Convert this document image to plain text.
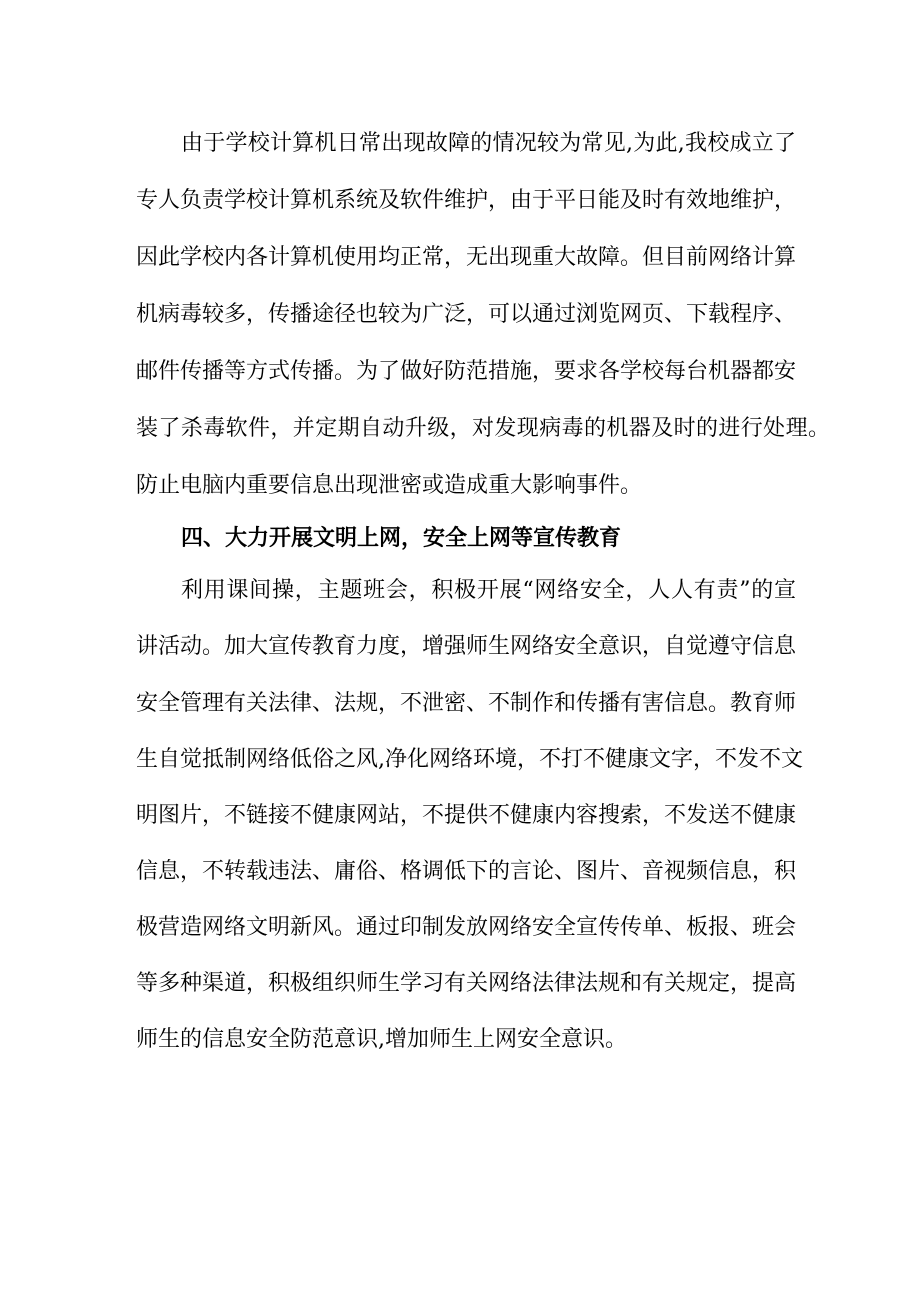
由于学校计算机日常出现故障的情况较为常见,为此,我校成立了
专人负责学校计算机系统及软件维护，由于平日能及时有效地维护，
因此学校内各计算机使用均正常，无出现重大故障。但目前网络计算
机病毒较多，传播途径也较为广泛，可以通过浏览网页、下载程序、
邮件传播等方式传播。为了做好防范措施，要求各学校每台机器都安
装了杀毒软件，并定期自动升级，对发现病毒的机器及时的进行处理。
防止电脑内重要信息出现泄密或造成重大影响事件。
四、大力开展文明上网，安全上网等宣传教育
利用课间操，主题班会，积极开展“网络安全，人人有责”的宣
讲活动。加大宣传教育力度，增强师生网络安全意识，自觉遵守信息
安全管理有关法律、法规，不泄密、不制作和传播有害信息。教育师
生自觉抵制网络低俗之风,净化网络环境，不打不健康文字，不发不文
明图片，不链接不健康网站，不提供不健康内容搜索，不发送不健康
信息，不转载违法、庸俗、格调低下的言论、图片、音视频信息，积
极营造网络文明新风。通过印制发放网络安全宣传传单、板报、班会
等多种渠道，积极组织师生学习有关网络法律法规和有关规定，提高
师生的信息安全防范意识,增加师生上网安全意识。
